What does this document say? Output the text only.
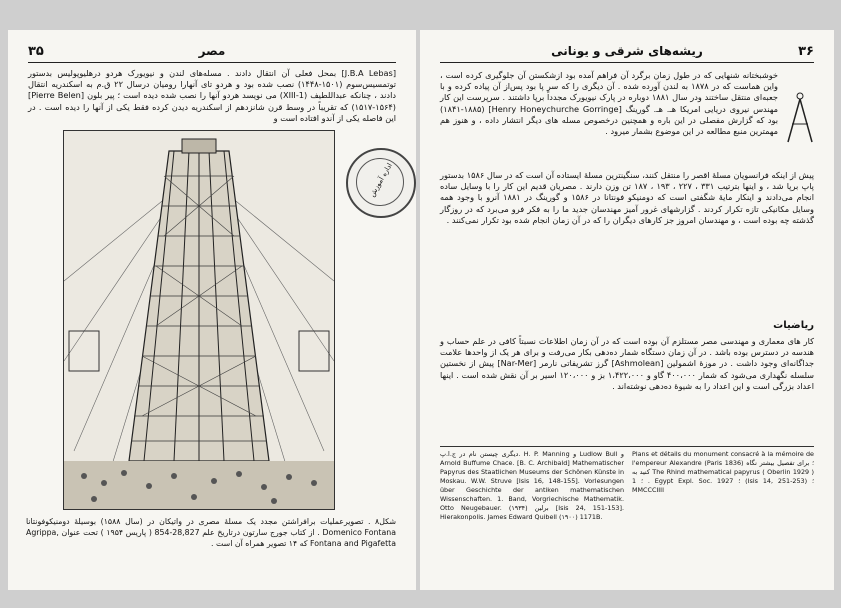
۳۵	مصر
[J.B.A Lebas] بمحل فعلی آن انتقال دادند . مسله‌های لندن و نیویورک هردو درهلیوپولیس بدستور توتمسیس‌سوم (۱۵۰۱-۱۴۴۸) نصب شده بود و هردو تای آنهارا رومیان درسال ۲۲ ق.م به اسکندریه انتقال دادند ، چنانکه عبداللطیف (XIII-1) می نویسد هردو آنها را نصب شده دیده است ؛ پیر بلون [Pierre Belen] (۱۵۱۷-۱۵۶۴) که تقریباً در وسط قرن شانزدهم از اسکندریه دیدن کرده فقط یکی از آنها را دیده است . در این فاصله یکی از آندو افتاده است و
اداره آموزش
شکل۸ . تصویرعملیات برافراشتن مجدد یک مسلهٔ مصری در واتیکان در (سال ۱۵۸۸) بوسیلهٔ دومنیکوفونتانا Domenico Fontana . از کتاب جورج سارتون درتاریخ علم 28,827-854 ( پاریس ۱۹۵۴ ) تحت عنوان Agrippa, Fontana and Pigafetta که ۱۴ تصویر همراه آن است .
ریشه‌های شرقی و یونانی	۳۶
خوشبختانه شنهایی که در طول زمان برگرد آن فراهم آمده بود ازشکستن آن جلوگیری کرده است ، واین هماست که در ۱۸۷۸ به لندن آورده شده . آن دیگری را که سر پا بود پس‌از آن پیاده کرده و با جعبه‌ای منتقل ساختند ودر سال ۱۸۸۱ دوباره در پارک نیویورک مجدداً برپا داشتند . سرپرست این کار مهندس نیروی دریایی امریکا هـ. هـ. گورینگ [Henry Honeychurche Gorringe] (۱۸۴۱-۱۸۸۵) بود که گزارش مفصلی در این باره و همچنین درخصوص مسله های دیگر انتشار داده ، و هنوز هم مهمترین منبع مطالعه در این موضوع بشمار میرود .
پیش از اینکه فرانسویان مسلهٔ اقصر را منتقل کنند، سنگینترین مسلهٔ ایستاده آن است که در سال ۱۵۸۶ بدستور پاپ برپا شد ، و اینها بترتیب ۳۳۱ ، ۲۲۷ ، ۱۹۳ ، ۱۸۷ تن وزن دارند . مصریان قدیم این کار را با وسایل ساده انجام می‌دادند و اینکار مایهٔ شگفتی است که دومنیکو فونتانا در ۱۵۸۶ و گورینگ در ۱۸۸۱ آنرو با وجود همه وسایل مکانیکی تازه تکرار کردند . گزارشهای غرور آمیز مهندسان جدید ما را به فکر فرو می‌برد که در روزگار گذشته چه بوده است ، و مهندسان امروز جز کارهای دیگران را که در آن زمان انجام شده بود تکرار نمی‌کنند .
ریاضیات
کار های معماری و مهندسی مصر مستلزم آن بوده است که در آن زمان اطلاعات نسبتاً کافی در علم حساب و هندسه در دسترس بوده باشد . در آن زمان دستگاه شمار ده‌دهی بکار می‌رفت و برای هر یک از واحدها علامت جداگانه‌ای وجود داشت . در موزهٔ اشمولین [Ashmolean] گرز تشریفاتی نارمر [Nar-Mer] پیش از نخستین سلسله نگهداری می‌شود که شمار ۴۰۰،۰۰۰ گاو و ۱،۴۲۲،۰۰۰ بز و ۱۲۰،۰۰۰ اسیر بر آن نقش شده است . اینها اعداد بزرگی است و این اعداد را به شیوهٔ ده‌دهی نوشته‌اند .
Plans et détails du monument consacré à la mémoire de l'empereur Alexandre (Paris 1836) ؛ برای تفصیل بیشتر نگاه کنید به The Rhind mathematical papyrus ( Oberlin 1929 ) ؛ 1 . Egypt Expl. Soc. 1927 ؛ (Isis 14, 251-253) ؛ MMCCCIIII
دیگری چیستن نام در ج.ا.پ. H. P. Manning و Ludlow Bull و Arnold Buffume Chace. [B. C. Archibald] Mathematischer Papyrus des Staatlichen Museums der Schönen Künste in Moskau. W.W. Struve [Isis 16, 148-155]. Vorlesungen über Geschichte der antiken mathematischen Wissenschaften. 1. Band, Vorgriechische Mathematik. Otto Neugebauer. برلین (۱۹۳۴) [Isis 24, 151-153]. Hierakonpolis. James Edward Quibell (۱۹۰۰) 1171B.
